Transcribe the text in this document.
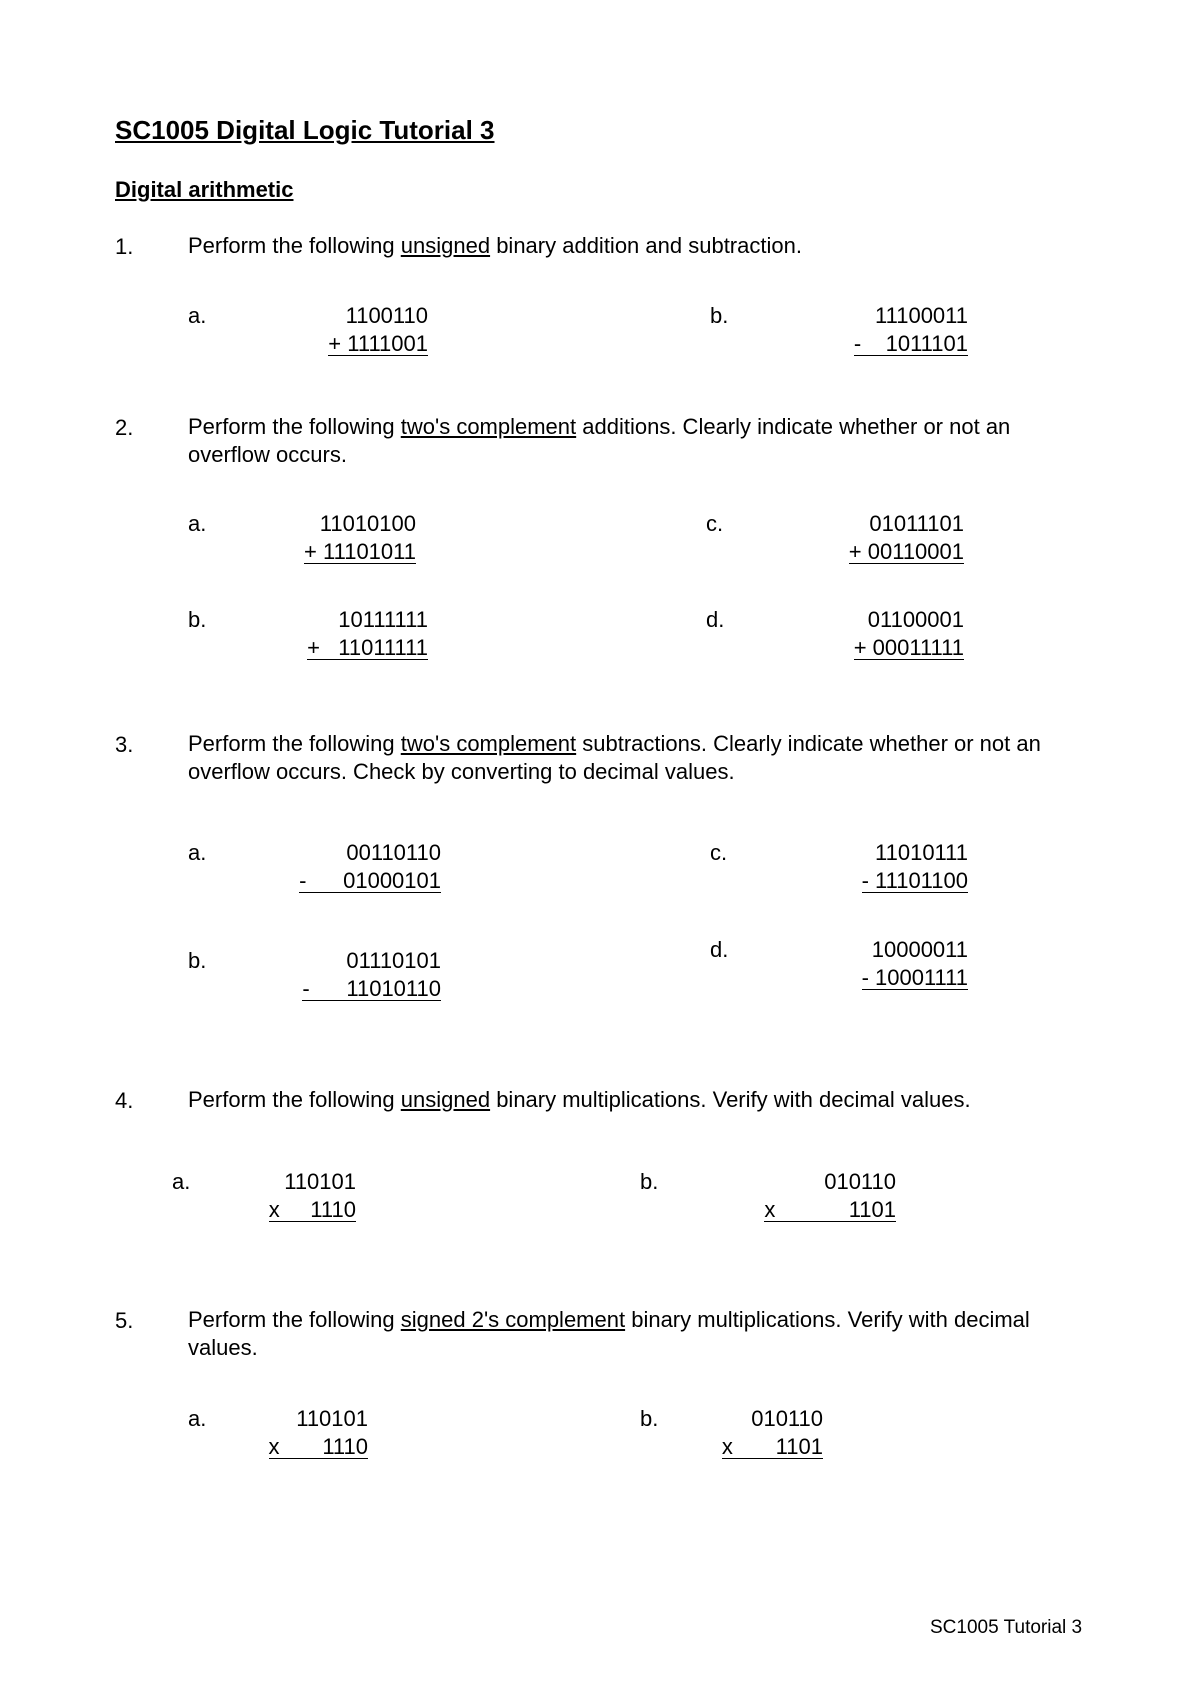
SC1005 Digital Logic Tutorial 3
Digital arithmetic
1. Perform the following unsigned binary addition and subtraction.
a.	1100110
+ 1111001
b.	11100011
-    1011101
2. Perform the following two's complement additions. Clearly indicate whether or not an overflow occurs.
a.	11010100
+ 11101011
c.	01011101
+ 00110001
b.	10111111
+   11011111
d.	01100001
+ 00011111
3. Perform the following two's complement subtractions. Clearly indicate whether or not an overflow occurs. Check by converting to decimal values.
a.	00110110
-      01000101
c.	11010111
- 11101100
b.	01110101
-      11010110
d.	10000011
- 10001111
4. Perform the following unsigned binary multiplications. Verify with decimal values.
a.	110101
x     1110
b.	010110
x            1101
5. Perform the following signed 2's complement binary multiplications. Verify with decimal values.
a.	110101
x       1110
b.	010110
x       1101
SC1005 Tutorial 3
